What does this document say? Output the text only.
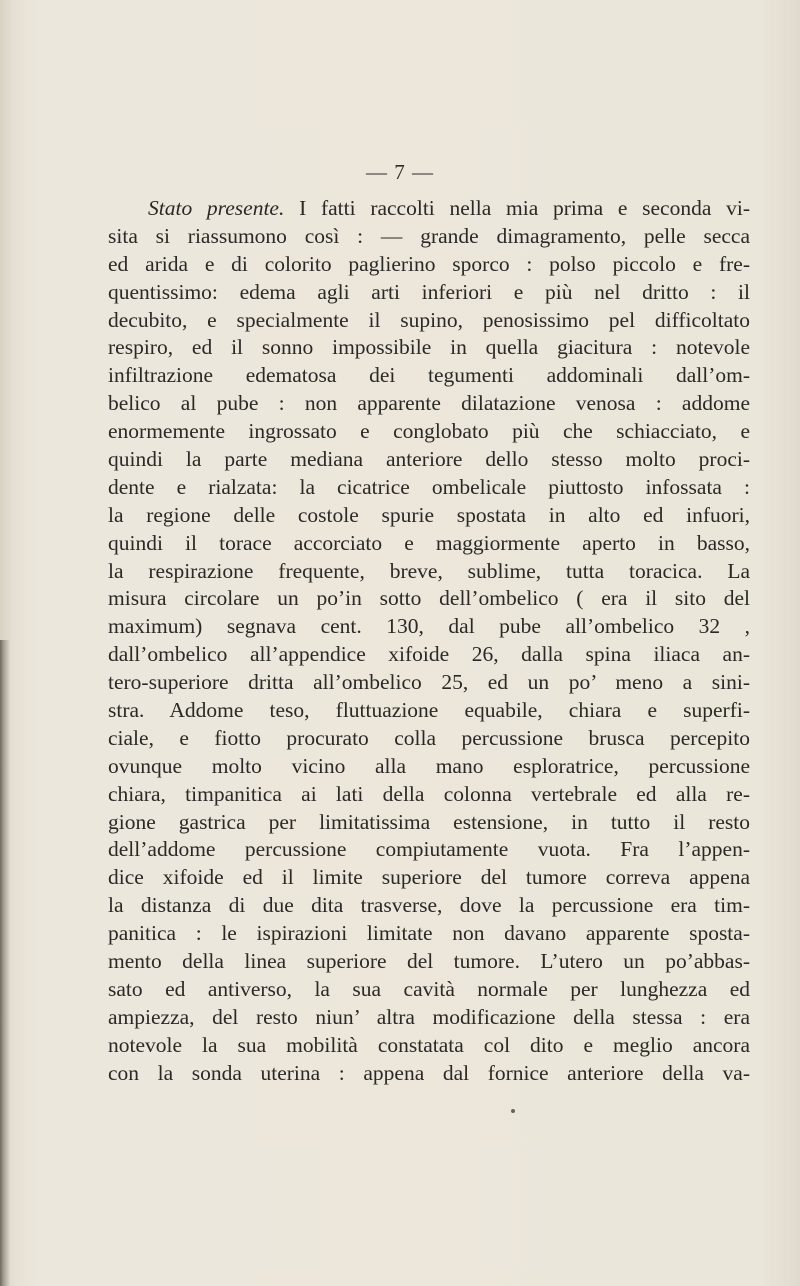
— 7 —

Stato presente. I fatti raccolti nella mia prima e seconda vi-
sita si riassumono così : — grande dimagramento, pelle secca
ed arida e di colorito paglierino sporco : polso piccolo e fre-
quentissimo: edema agli arti inferiori e più nel dritto : il
decubito, e specialmente il supino, penosissimo pel difficoltato
respiro, ed il sonno impossibile in quella giacitura : notevole
infiltrazione edematosa dei tegumenti addominali dall’om-
belico al pube : non apparente dilatazione venosa : addome
enormemente ingrossato e conglobato più che schiacciato, e
quindi la parte mediana anteriore dello stesso molto proci-
dente e rialzata: la cicatrice ombelicale piuttosto infossata :
la regione delle costole spurie spostata in alto ed infuori,
quindi il torace accorciato e maggiormente aperto in basso,
la respirazione frequente, breve, sublime, tutta toracica. La
misura circolare un po’in sotto dell’ombelico ( era il sito del
maximum) segnava cent. 130, dal pube all’ombelico 32 ,
dall’ombelico all’appendice xifoide 26, dalla spina iliaca an-
tero-superiore dritta all’ombelico 25, ed un po’ meno a sini-
stra. Addome teso, fluttuazione equabile, chiara e superfi-
ciale, e fiotto procurato colla percussione brusca percepito
ovunque molto vicino alla mano esploratrice, percussione
chiara, timpanitica ai lati della colonna vertebrale ed alla re-
gione gastrica per limitatissima estensione, in tutto il resto
dell’addome percussione compiutamente vuota. Fra l’appen-
dice xifoide ed il limite superiore del tumore correva appena
la distanza di due dita trasverse, dove la percussione era tim-
panitica : le ispirazioni limitate non davano apparente sposta-
mento della linea superiore del tumore. L’utero un po’abbas-
sato ed antiverso, la sua cavità normale per lunghezza ed
ampiezza, del resto niun’ altra modificazione della stessa : era
notevole la sua mobilità constatata col dito e meglio ancora
con la sonda uterina : appena dal fornice anteriore della va-
